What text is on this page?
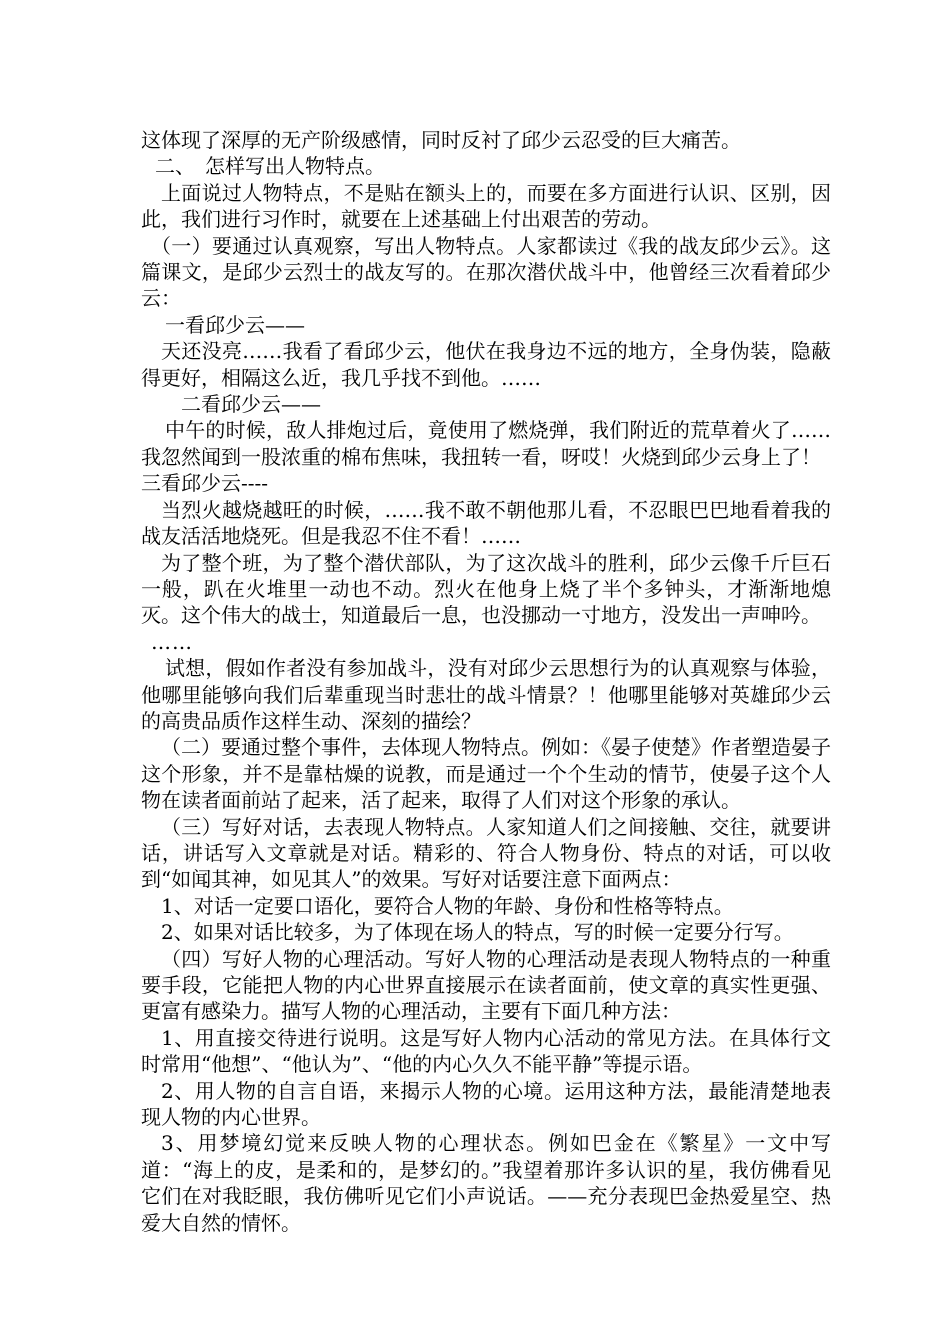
这体现了深厚的无产阶级感情，同时反衬了邱少云忍受的巨大痛苦。

二、　怎样写出人物特点。

上面说过人物特点，不是贴在额头上的，而要在多方面进行认识、区别，因此，我们进行习作时，就要在上述基础上付出艰苦的劳动。

（一）要通过认真观察，写出人物特点。人家都读过《我的战友邱少云》。这篇课文，是邱少云烈士的战友写的。在那次潜伏战斗中，他曾经三次看着邱少云：

一看邱少云——

天还没亮……我看了看邱少云，他伏在我身边不远的地方，全身伪装，隐蔽得更好，相隔这么近，我几乎找不到他。……

二看邱少云——

中午的时候，敌人排炮过后，竟使用了燃烧弹，我们附近的荒草着火了……我忽然闻到一股浓重的棉布焦味，我扭转一看，呀哎！火烧到邱少云身上了！

三看邱少云----

当烈火越烧越旺的时候，……我不敢不朝他那儿看，不忍眼巴巴地看着我的战友活活地烧死。但是我忍不住不看！……

为了整个班，为了整个潜伏部队，为了这次战斗的胜利，邱少云像千斤巨石一般，趴在火堆里一动也不动。烈火在他身上烧了半个多钟头，才渐渐地熄灭。这个伟大的战士，知道最后一息，也没挪动一寸地方，没发出一声呻吟。

……

试想，假如作者没有参加战斗，没有对邱少云思想行为的认真观察与体验，他哪里能够向我们后辈重现当时悲壮的战斗情景？！他哪里能够对英雄邱少云的高贵品质作这样生动、深刻的描绘？

（二）要通过整个事件，去体现人物特点。例如：《晏子使楚》作者塑造晏子这个形象，并不是靠枯燥的说教，而是通过一个个生动的情节，使晏子这个人物在读者面前站了起来，活了起来，取得了人们对这个形象的承认。

（三）写好对话，去表现人物特点。人家知道人们之间接触、交往，就要讲话，讲话写入文章就是对话。精彩的、符合人物身份、特点的对话，可以收到“如闻其神，如见其人”的效果。写好对话要注意下面两点：

1、对话一定要口语化，要符合人物的年龄、身份和性格等特点。

2、如果对话比较多，为了体现在场人的特点，写的时候一定要分行写。

（四）写好人物的心理活动。写好人物的心理活动是表现人物特点的一种重要手段，它能把人物的内心世界直接展示在读者面前，使文章的真实性更强、更富有感染力。描写人物的心理活动，主要有下面几种方法：

1、用直接交待进行说明。这是写好人物内心活动的常见方法。在具体行文时常用“他想”、“他认为”、“他的内心久久不能平静”等提示语。

2、用人物的自言自语，来揭示人物的心境。运用这种方法，最能清楚地表现人物的内心世界。

3、用梦境幻觉来反映人物的心理状态。例如巴金在《繁星》一文中写道：“海上的皮，是柔和的，是梦幻的。”我望着那许多认识的星，我仿佛看见它们在对我眨眼，我仿佛听见它们小声说话。——充分表现巴金热爱星空、热爱大自然的情怀。
